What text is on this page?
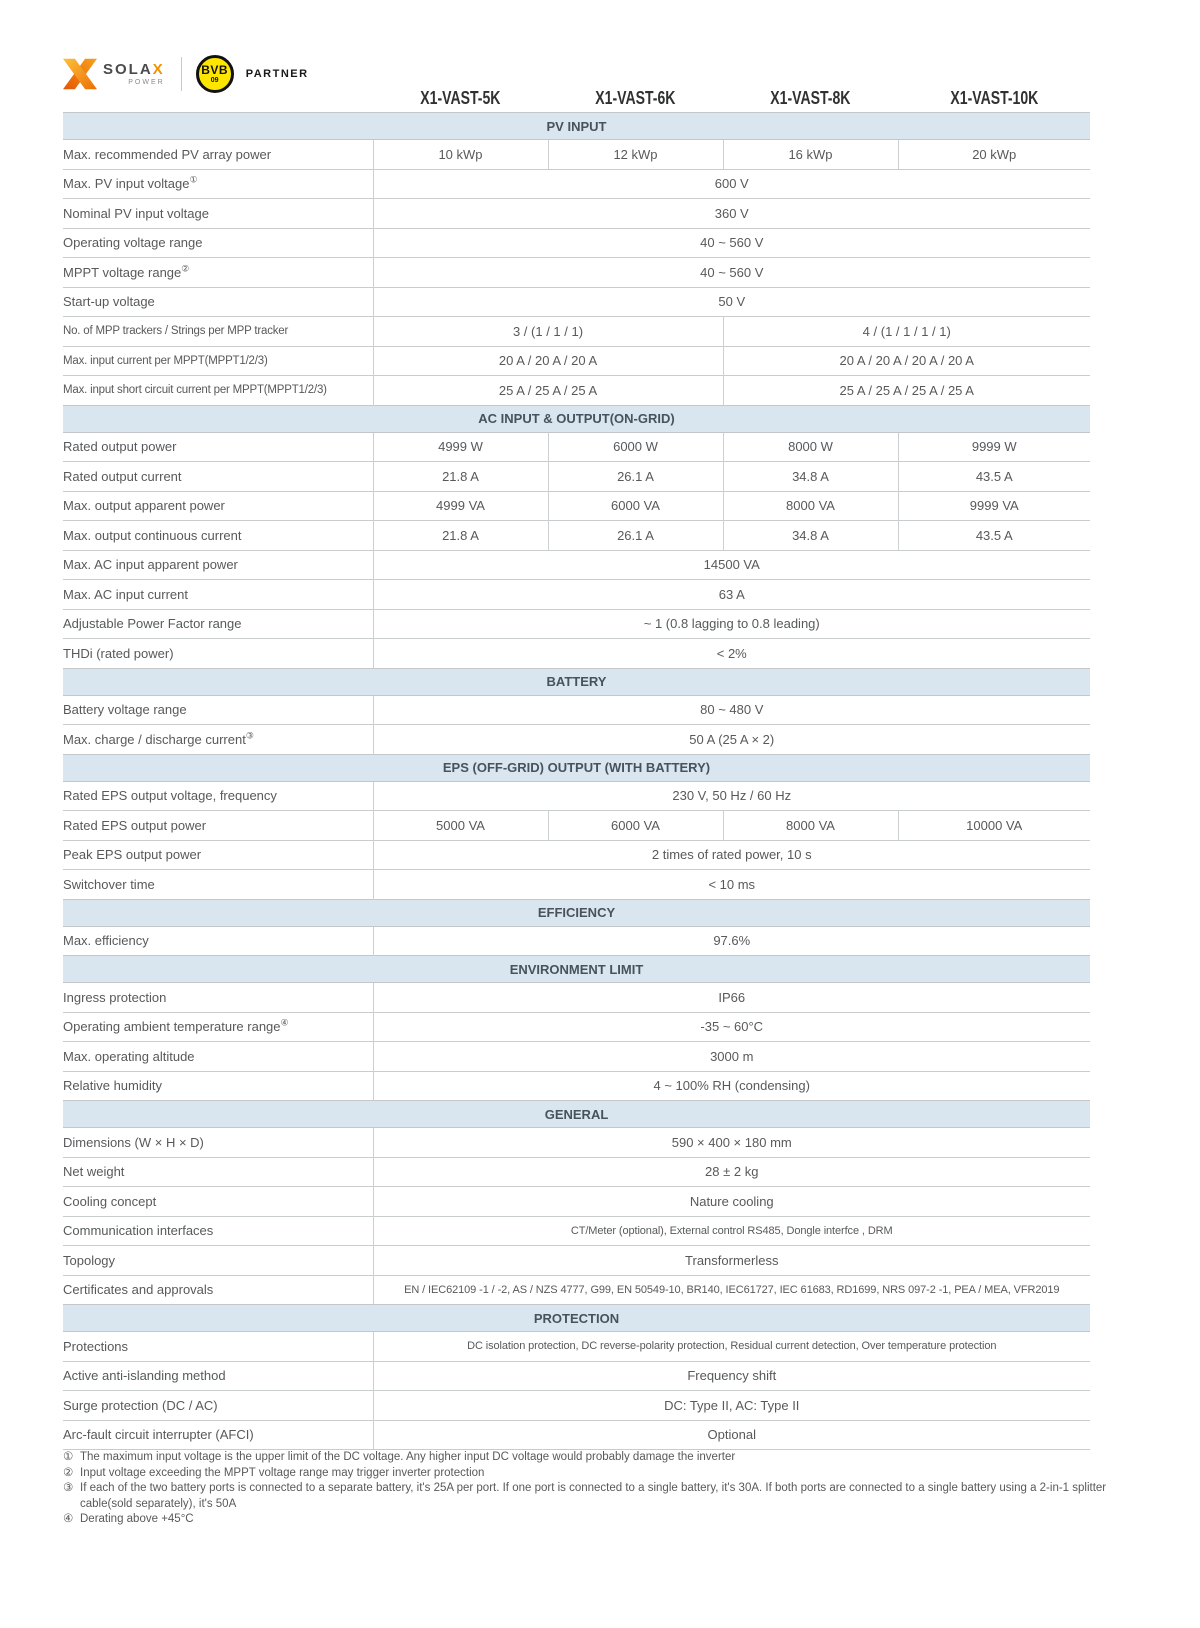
SOLAX
POWER
BVB
09
PARTNER
	X1-VAST-5K	X1-VAST-6K	X1-VAST-8K	X1-VAST-10K
PV INPUT				
Max. recommended PV array power	10 kWp	12 kWp	16 kWp	20 kWp
Max. PV input voltage①	600 V			
Nominal PV input voltage	360 V			
Operating voltage range	40 ~ 560 V			
MPPT voltage range②	40 ~ 560 V			
Start-up voltage	50 V			
No. of MPP trackers / Strings per MPP tracker	3 / (1 / 1 / 1)		4 / (1 / 1 / 1 / 1)	
Max. input current per MPPT(MPPT1/2/3)	20 A / 20 A / 20 A		20 A / 20 A / 20 A / 20 A	
Max. input short circuit current per MPPT(MPPT1/2/3)	25 A / 25 A / 25 A		25 A / 25 A / 25 A / 25 A	
AC INPUT & OUTPUT(ON-GRID)				
Rated output power	4999 W	6000 W	8000 W	9999 W
Rated output current	21.8 A	26.1 A	34.8 A	43.5 A
Max. output apparent power	4999 VA	6000 VA	8000 VA	9999 VA
Max. output continuous current	21.8 A	26.1 A	34.8 A	43.5 A
Max. AC input apparent power	14500 VA			
Max. AC input current	63 A			
Adjustable Power Factor range	~ 1 (0.8 lagging to 0.8 leading)			
THDi (rated power)	< 2%			
BATTERY				
Battery voltage range	80 ~ 480 V			
Max. charge / discharge current③	50 A (25 A × 2)			
EPS (OFF-GRID) OUTPUT (WITH BATTERY)				
Rated EPS output voltage, frequency	230 V, 50 Hz / 60 Hz			
Rated EPS output power	5000 VA	6000 VA	8000 VA	10000 VA
Peak EPS output power	2 times of rated power, 10 s			
Switchover time	< 10 ms			
EFFICIENCY				
Max. efficiency	97.6%			
ENVIRONMENT LIMIT				
Ingress protection	IP66			
Operating ambient temperature range④	-35 ~ 60°C			
Max. operating altitude	3000 m			
Relative humidity	4 ~ 100% RH (condensing)			
GENERAL				
Dimensions (W × H × D)	590 × 400 × 180 mm			
Net weight	28 ± 2 kg			
Cooling concept	Nature cooling			
Communication interfaces	CT/Meter (optional), External control RS485, Dongle interfce , DRM			
Topology	Transformerless			
Certificates and approvals	EN / IEC62109 -1 / -2, AS / NZS 4777, G99, EN 50549-10, BR140, IEC61727, IEC 61683, RD1699, NRS 097-2 -1, PEA / MEA, VFR2019			
PROTECTION				
Protections	DC isolation protection, DC reverse-polarity protection, Residual current detection, Over temperature protection			
Active anti-islanding method	Frequency shift			
Surge protection (DC / AC)	DC: Type II, AC: Type II			
Arc-fault circuit interrupter (AFCI)	Optional			
① The maximum input voltage is the upper limit of the DC voltage. Any higher input DC voltage would probably damage the inverter
② Input voltage exceeding the MPPT voltage range may trigger inverter protection
③ If each of the two battery ports is connected to a separate battery, it's 25A per port. If one port is connected to a single battery, it's 30A. If both ports are connected to a single battery using a 2-in-1 splitter cable(sold separately), it's 50A
④ Derating above +45°C
